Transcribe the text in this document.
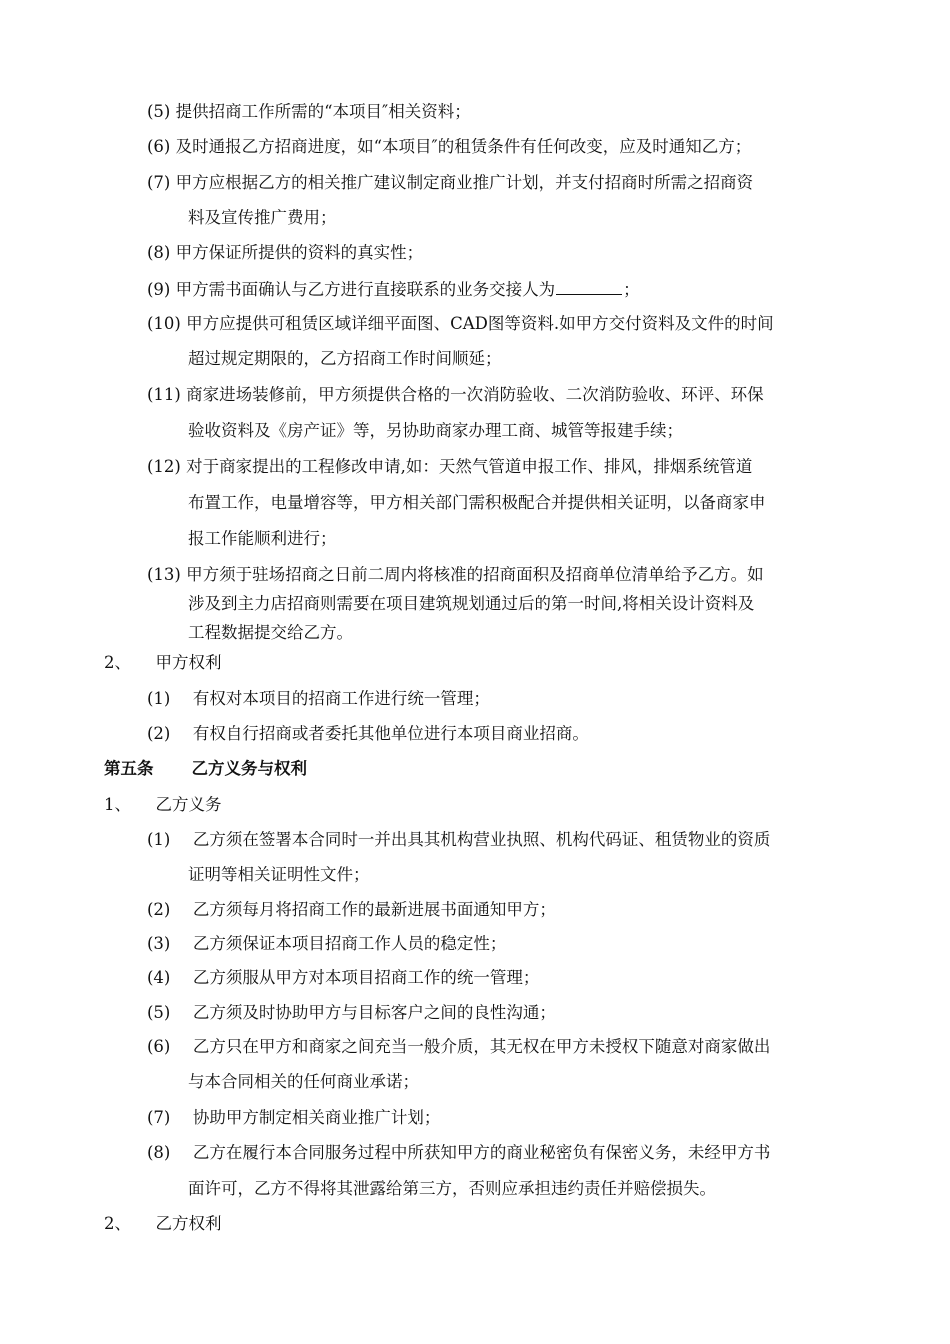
(5) 提供招商工作所需的“本项目″相关资料；
(6) 及时通报乙方招商进度，如“本项目″的租赁条件有任何改变，应及时通知乙方；
(7) 甲方应根据乙方的相关推广建议制定商业推广计划，并支付招商时所需之招商资
料及宣传推广费用；
(8) 甲方保证所提供的资料的真实性；
(9) 甲方需书面确认与乙方进行直接联系的业务交接人为	；
(10) 甲方应提供可租赁区域详细平面图、CAD图等资料.如甲方交付资料及文件的时间
超过规定期限的，乙方招商工作时间顺延；
(11) 商家进场装修前，甲方须提供合格的一次消防验收、二次消防验收、环评、环保
验收资料及《房产证》等，另协助商家办理工商、城管等报建手续；
(12) 对于商家提出的工程修改申请,如：天然气管道申报工作、排风，排烟系统管道
布置工作，电量增容等，甲方相关部门需积极配合并提供相关证明，以备商家申
报工作能顺利进行；
(13) 甲方须于驻场招商之日前二周内将核准的招商面积及招商单位清单给予乙方。如
涉及到主力店招商则需要在项目建筑规划通过后的第一时间,将相关设计资料及
工程数据提交给乙方。
2、 甲方权利
(1) 有权对本项目的招商工作进行统一管理；
(2) 有权自行招商或者委托其他单位进行本项目商业招商。
第五条 乙方义务与权利
1、 乙方义务
(1) 乙方须在签署本合同时一并出具其机构营业执照、机构代码证、租赁物业的资质
证明等相关证明性文件；
(2) 乙方须每月将招商工作的最新进展书面通知甲方；
(3) 乙方须保证本项目招商工作人员的稳定性；
(4) 乙方须服从甲方对本项目招商工作的统一管理；
(5) 乙方须及时协助甲方与目标客户之间的良性沟通；
(6) 乙方只在甲方和商家之间充当一般介质，其无权在甲方未授权下随意对商家做出
与本合同相关的任何商业承诺；
(7) 协助甲方制定相关商业推广计划；
(8) 乙方在履行本合同服务过程中所获知甲方的商业秘密负有保密义务，未经甲方书
面许可，乙方不得将其泄露给第三方，否则应承担违约责任并赔偿损失。
2、 乙方权利
